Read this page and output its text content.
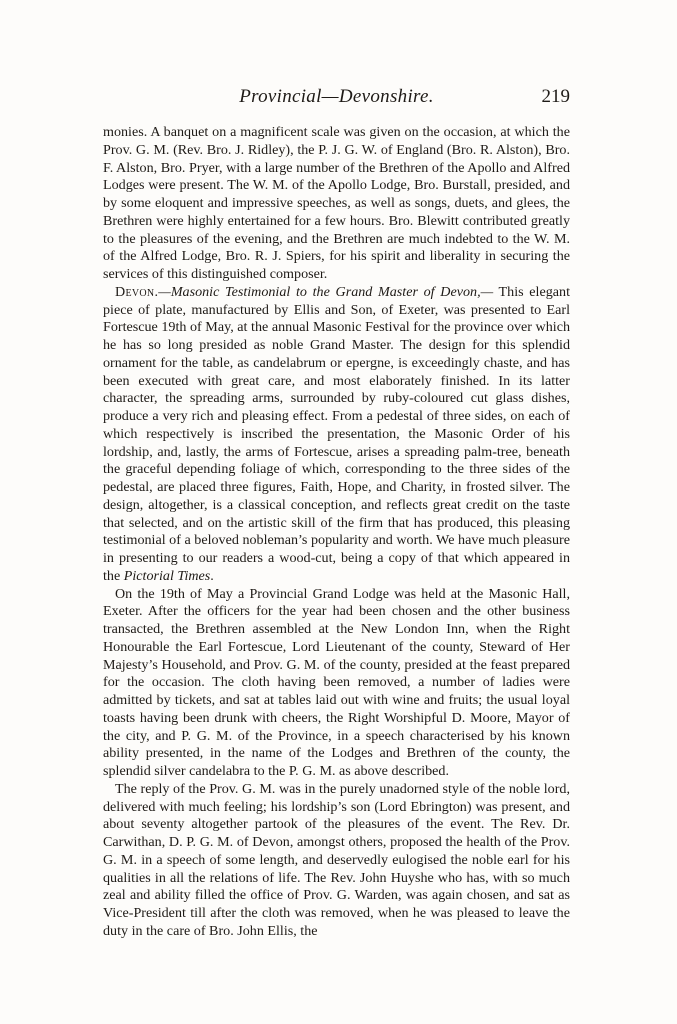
Provincial—Devonshire.	219

monies. A banquet on a magnificent scale was given on the occasion, at which the Prov. G. M. (Rev. Bro. J. Ridley), the P. J. G. W. of England (Bro. R. Alston), Bro. F. Alston, Bro. Pryer, with a large number of the Brethren of the Apollo and Alfred Lodges were present. The W. M. of the Apollo Lodge, Bro. Burstall, presided, and by some eloquent and impressive speeches, as well as songs, duets, and glees, the Brethren were highly entertained for a few hours. Bro. Blewitt contributed greatly to the pleasures of the evening, and the Brethren are much indebted to the W. M. of the Alfred Lodge, Bro. R. J. Spiers, for his spirit and liberality in securing the services of this distinguished composer.

Devon.—Masonic Testimonial to the Grand Master of Devon,— This elegant piece of plate, manufactured by Ellis and Son, of Exeter, was presented to Earl Fortescue 19th of May, at the annual Masonic Festival for the province over which he has so long presided as noble Grand Master. The design for this splendid ornament for the table, as candelabrum or epergne, is exceedingly chaste, and has been executed with great care, and most elaborately finished. In its latter character, the spreading arms, surrounded by ruby-coloured cut glass dishes, produce a very rich and pleasing effect. From a pedestal of three sides, on each of which respectively is inscribed the presentation, the Masonic Order of his lordship, and, lastly, the arms of Fortescue, arises a spreading palm-tree, beneath the graceful depending foliage of which, corresponding to the three sides of the pedestal, are placed three figures, Faith, Hope, and Charity, in frosted silver. The design, altogether, is a classical conception, and reflects great credit on the taste that selected, and on the artistic skill of the firm that has produced, this pleasing testimonial of a beloved nobleman’s popularity and worth. We have much pleasure in presenting to our readers a wood-cut, being a copy of that which appeared in the Pictorial Times.

On the 19th of May a Provincial Grand Lodge was held at the Masonic Hall, Exeter. After the officers for the year had been chosen and the other business transacted, the Brethren assembled at the New London Inn, when the Right Honourable the Earl Fortescue, Lord Lieutenant of the county, Steward of Her Majesty’s Household, and Prov. G. M. of the county, presided at the feast prepared for the occasion. The cloth having been removed, a number of ladies were admitted by tickets, and sat at tables laid out with wine and fruits; the usual loyal toasts having been drunk with cheers, the Right Worshipful D. Moore, Mayor of the city, and P. G. M. of the Province, in a speech characterised by his known ability presented, in the name of the Lodges and Brethren of the county, the splendid silver candelabra to the P. G. M. as above described.

The reply of the Prov. G. M. was in the purely unadorned style of the noble lord, delivered with much feeling; his lordship’s son (Lord Ebrington) was present, and about seventy altogether partook of the pleasures of the event. The Rev. Dr. Carwithan, D. P. G. M. of Devon, amongst others, proposed the health of the Prov. G. M. in a speech of some length, and deservedly eulogised the noble earl for his qualities in all the relations of life. The Rev. John Huyshe who has, with so much zeal and ability filled the office of Prov. G. Warden, was again chosen, and sat as Vice-President till after the cloth was removed, when he was pleased to leave the duty in the care of Bro. John Ellis, the
